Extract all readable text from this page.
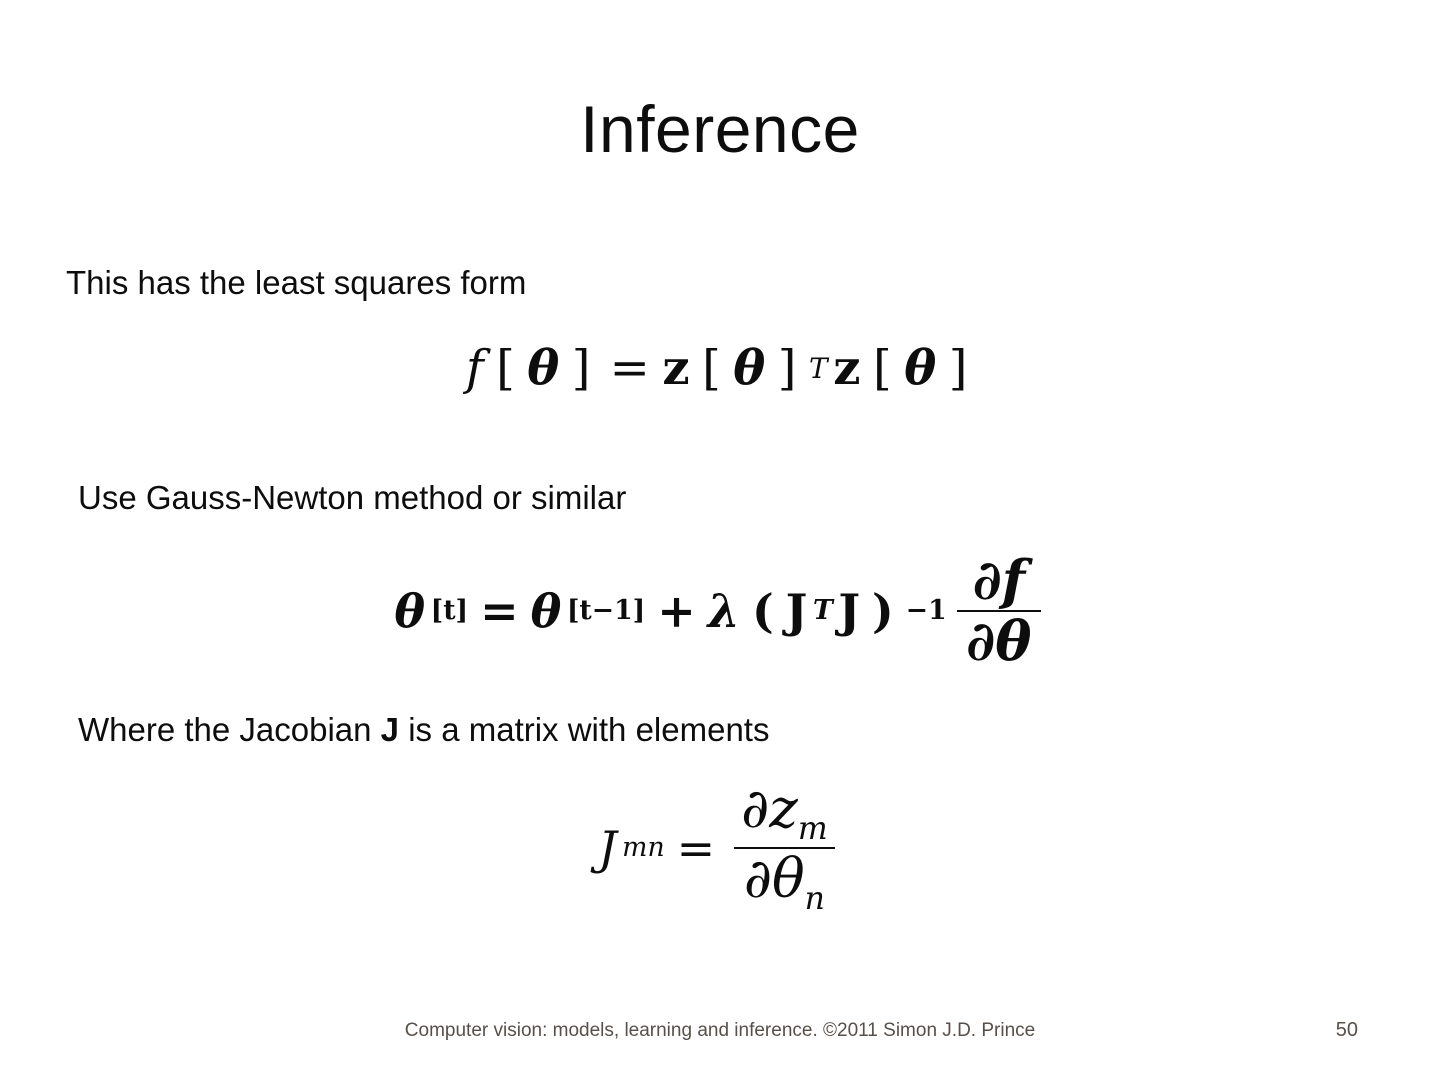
Inference
This has the least squares form
f [ θ ] = z [ θ ] T z [ θ ]
Use Gauss-Newton method or similar
θ [t] = θ [t−1] + λ ( J T J ) $-1 \frac{\partial f}{\partial\theta}$
Where the Jacobian J is a matrix with elements
J mn = $\frac{\partial z_m}{\partial\theta_n}$
Computer vision: models, learning and inference. ©2011 Simon J.D. Prince	50
